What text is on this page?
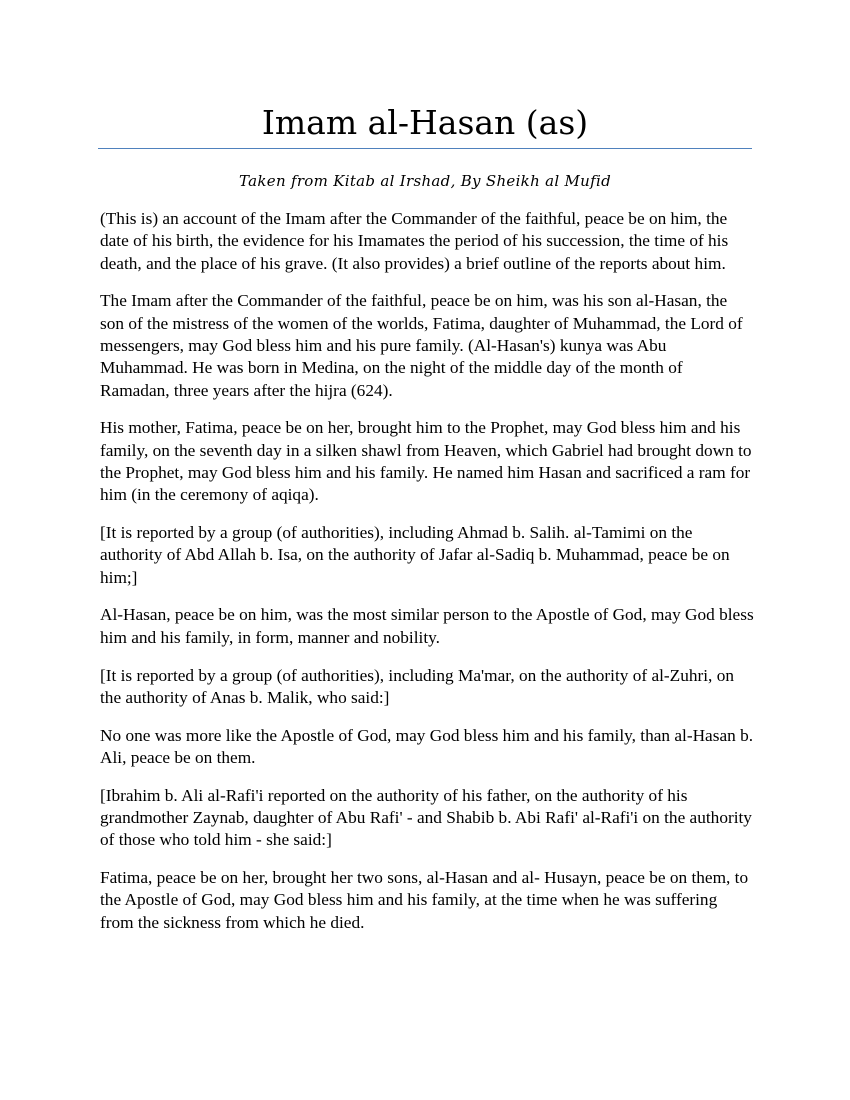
Imam al-Hasan (as)
Taken from Kitab al Irshad, By Sheikh al Mufid

(This is) an account of the Imam after the Commander of the faithful, peace be on him, the date of his birth, the evidence for his Imamates the period of his succession, the time of his death, and the place of his grave. (It also provides) a brief outline of the reports about him.

The Imam after the Commander of the faithful, peace be on him, was his son al-Hasan, the son of the mistress of the women of the worlds, Fatima, daughter of Muhammad, the Lord of messengers, may God bless him and his pure family. (Al-Hasan's) kunya was Abu Muhammad. He was born in Medina, on the night of the middle day of the month of Ramadan, three years after the hijra (624).

His mother, Fatima, peace be on her, brought him to the Prophet, may God bless him and his family, on the seventh day in a silken shawl from Heaven, which Gabriel had brought down to the Prophet, may God bless him and his family. He named him Hasan and sacrificed a ram for him (in the ceremony of aqiqa).

[It is reported by a group (of authorities), including Ahmad b. Salih. al-Tamimi on the authority of Abd Allah b. Isa, on the authority of Jafar al-Sadiq b. Muhammad, peace be on him;]

Al-Hasan, peace be on him, was the most similar person to the Apostle of God, may God bless him and his family, in form, manner and nobility.

[It is reported by a group (of authorities), including Ma'mar, on the authority of al-Zuhri, on the authority of Anas b. Malik, who said:]

No one was more like the Apostle of God, may God bless him and his family, than al-Hasan b. Ali, peace be on them.

[Ibrahim b. Ali al-Rafi'i reported on the authority of his father, on the authority of his grandmother Zaynab, daughter of Abu Rafi' - and Shabib b. Abi Rafi' al-Rafi'i on the authority of those who told him - she said:]

Fatima, peace be on her, brought her two sons, al-Hasan and al- Husayn, peace be on them, to the Apostle of God, may God bless him and his family, at the time when he was suffering from the sickness from which he died.
